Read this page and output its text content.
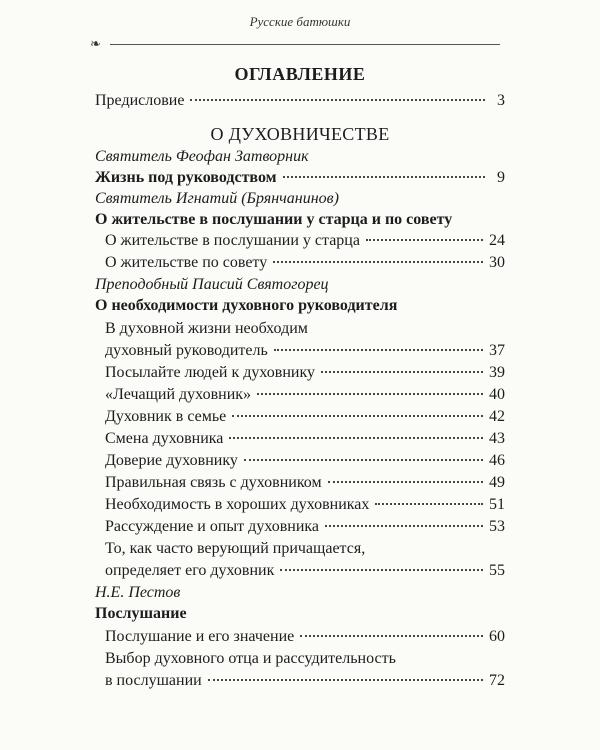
Русские батюшки
❧
ОГЛАВЛЕНИЕ
Предисловие	3
О ДУХОВНИЧЕСТВЕ
Святитель Феофан Затворник
Жизнь под руководством	9
Святитель Игнатий (Брянчанинов)
О жительстве в послушании у старца и по совету
О жительстве в послушании у старца	24
О жительстве по совету	30
Преподобный Паисий Святогорец
О необходимости духовного руководителя
В духовной жизни необходим
духовный руководитель	37
Посылайте людей к духовнику	39
«Лечащий духовник»	40
Духовник в семье	42
Смена духовника	43
Доверие духовнику	46
Правильная связь с духовником	49
Необходимость в хороших духовниках	51
Рассуждение и опыт духовника	53
То, как часто верующий причащается,
определяет его духовник	55
Н.Е. Пестов
Послушание
Послушание и его значение	60
Выбор духовного отца и рассудительность
в послушании	72
